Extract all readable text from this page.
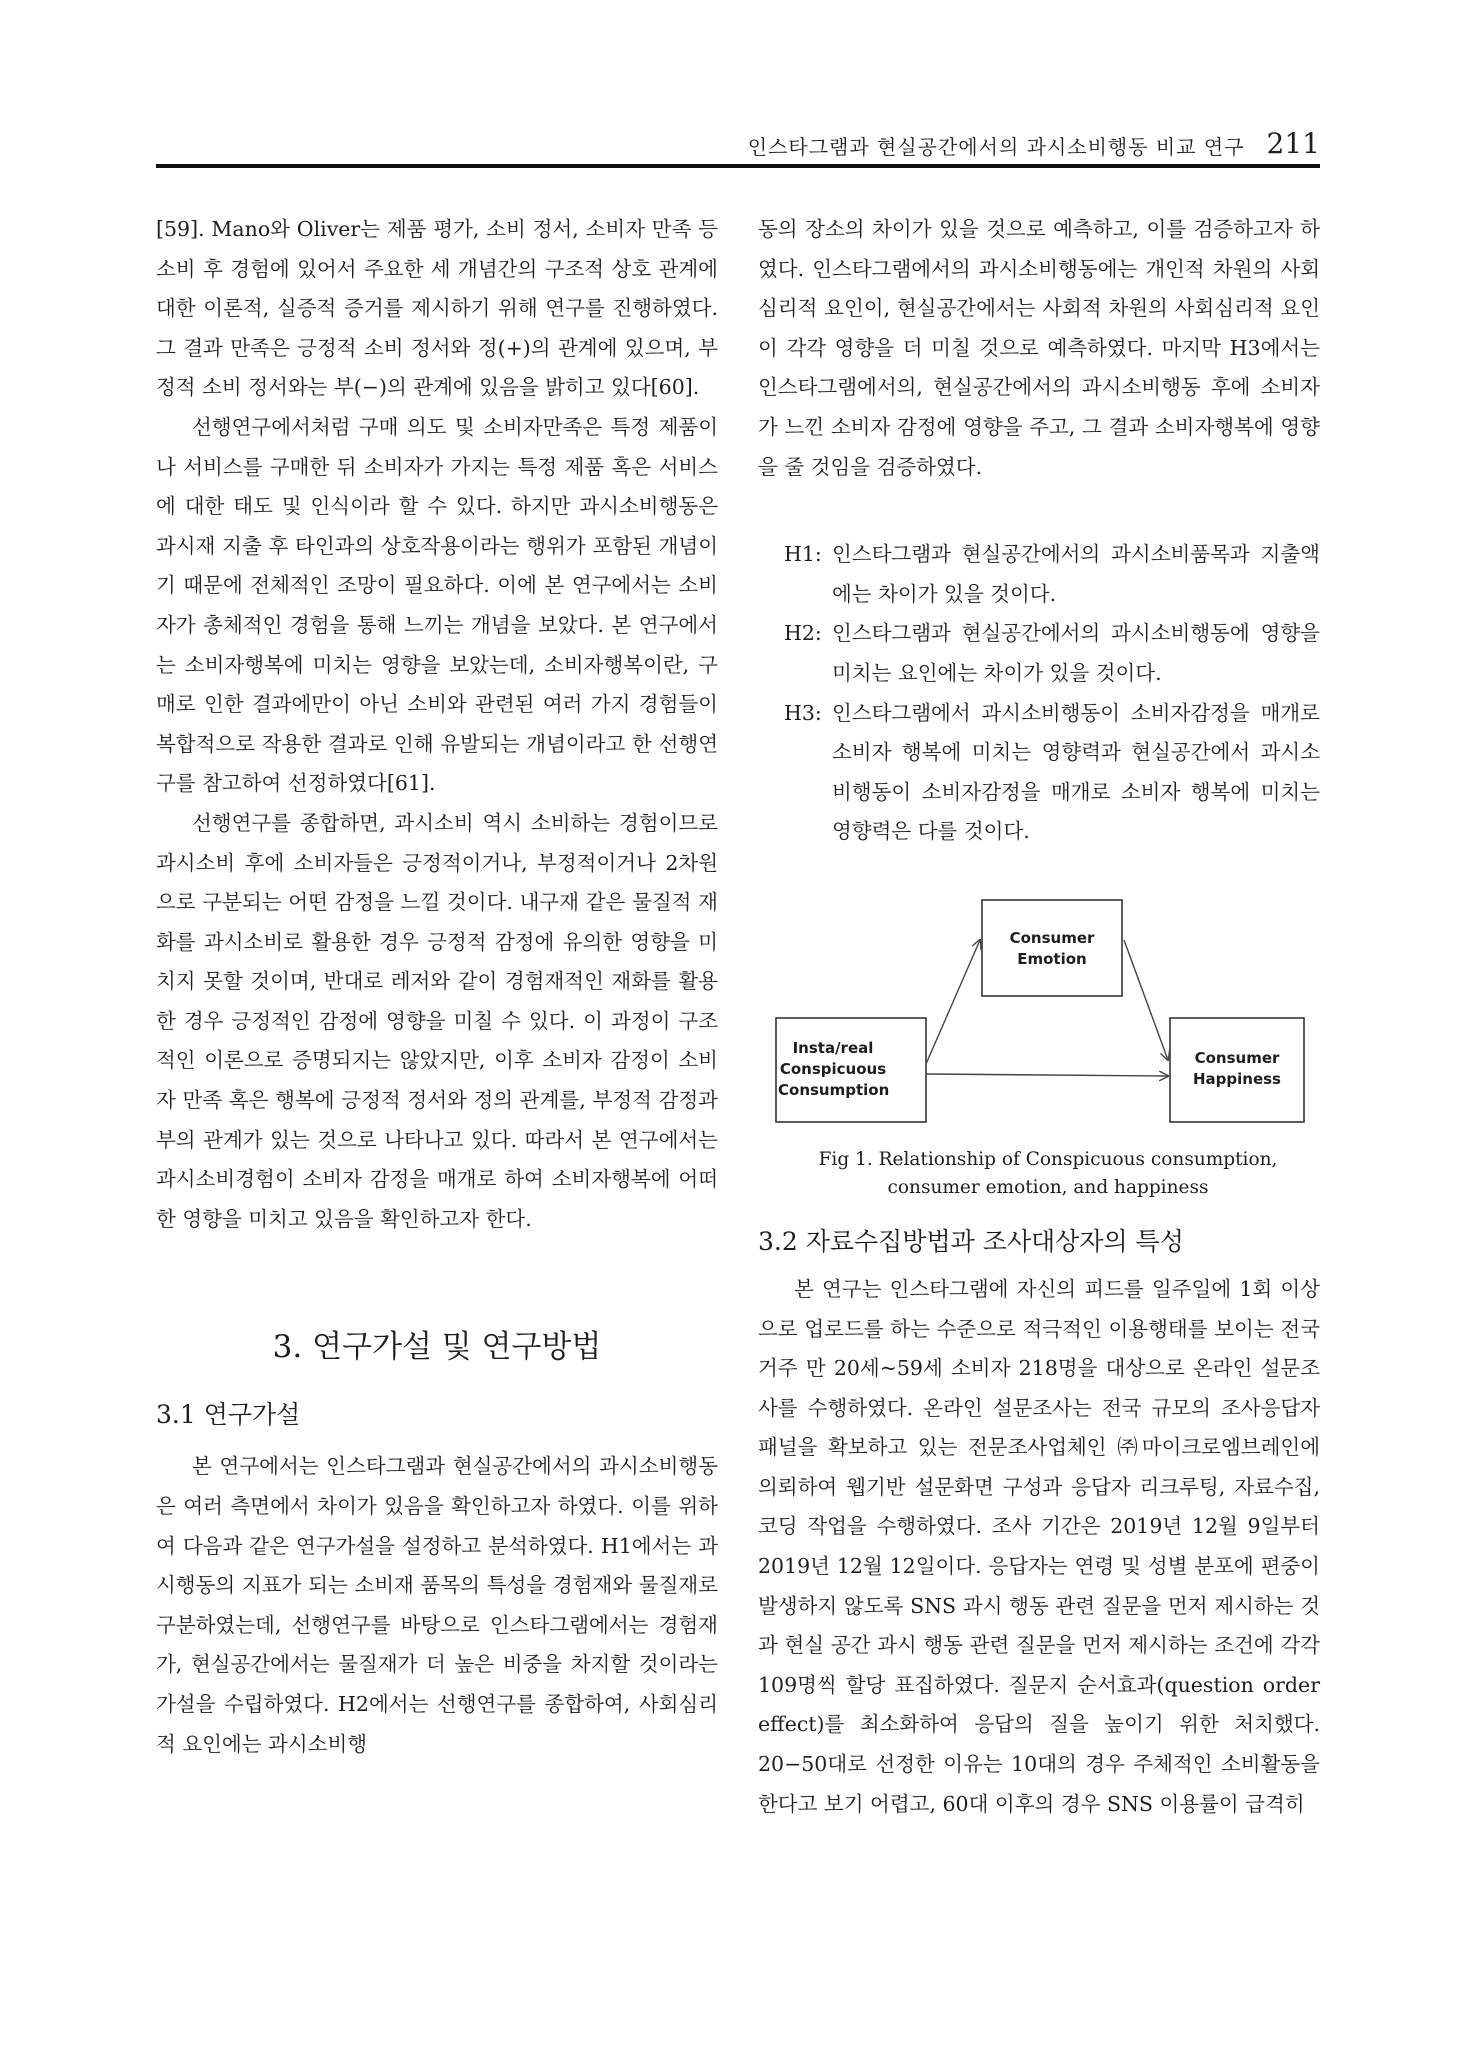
인스타그램과 현실공간에서의 과시소비행동 비교 연구 211

[59]. Mano와 Oliver는 제품 평가, 소비 정서, 소비자 만족 등 소비 후 경험에 있어서 주요한 세 개념간의 구조적 상호 관계에 대한 이론적, 실증적 증거를 제시하기 위해 연구를 진행하였다. 그 결과 만족은 긍정적 소비 정서와 정(+)의 관계에 있으며, 부정적 소비 정서와는 부(−)의 관계에 있음을 밝히고 있다[60].

선행연구에서처럼 구매 의도 및 소비자만족은 특정 제품이나 서비스를 구매한 뒤 소비자가 가지는 특정 제품 혹은 서비스에 대한 태도 및 인식이라 할 수 있다. 하지만 과시소비행동은 과시재 지출 후 타인과의 상호작용이라는 행위가 포함된 개념이기 때문에 전체적인 조망이 필요하다. 이에 본 연구에서는 소비자가 총체적인 경험을 통해 느끼는 개념을 보았다. 본 연구에서는 소비자행복에 미치는 영향을 보았는데, 소비자행복이란, 구매로 인한 결과에만이 아닌 소비와 관련된 여러 가지 경험들이 복합적으로 작용한 결과로 인해 유발되는 개념이라고 한 선행연구를 참고하여 선정하였다[61].

선행연구를 종합하면, 과시소비 역시 소비하는 경험이므로 과시소비 후에 소비자들은 긍정적이거나, 부정적이거나 2차원으로 구분되는 어떤 감정을 느낄 것이다. 내구재 같은 물질적 재화를 과시소비로 활용한 경우 긍정적 감정에 유의한 영향을 미치지 못할 것이며, 반대로 레저와 같이 경험재적인 재화를 활용한 경우 긍정적인 감정에 영향을 미칠 수 있다. 이 과정이 구조적인 이론으로 증명되지는 않았지만, 이후 소비자 감정이 소비자 만족 혹은 행복에 긍정적 정서와 정의 관계를, 부정적 감정과 부의 관계가 있는 것으로 나타나고 있다. 따라서 본 연구에서는 과시소비경험이 소비자 감정을 매개로 하여 소비자행복에 어떠한 영향을 미치고 있음을 확인하고자 한다.

3. 연구가설 및 연구방법
3.1 연구가설

본 연구에서는 인스타그램과 현실공간에서의 과시소비행동은 여러 측면에서 차이가 있음을 확인하고자 하였다. 이를 위하여 다음과 같은 연구가설을 설정하고 분석하였다. H1에서는 과시행동의 지표가 되는 소비재 품목의 특성을 경험재와 물질재로 구분하였는데, 선행연구를 바탕으로 인스타그램에서는 경험재가, 현실공간에서는 물질재가 더 높은 비중을 차지할 것이라는 가설을 수립하였다. H2에서는 선행연구를 종합하여, 사회심리적 요인에는 과시소비행

동의 장소의 차이가 있을 것으로 예측하고, 이를 검증하고자 하였다. 인스타그램에서의 과시소비행동에는 개인적 차원의 사회심리적 요인이, 현실공간에서는 사회적 차원의 사회심리적 요인이 각각 영향을 더 미칠 것으로 예측하였다. 마지막 H3에서는 인스타그램에서의, 현실공간에서의 과시소비행동 후에 소비자가 느낀 소비자 감정에 영향을 주고, 그 결과 소비자행복에 영향을 줄 것임을 검증하였다.

H1: 인스타그램과 현실공간에서의 과시소비품목과 지출액에는 차이가 있을 것이다.
H2: 인스타그램과 현실공간에서의 과시소비행동에 영향을 미치는 요인에는 차이가 있을 것이다.
H3: 인스타그램에서 과시소비행동이 소비자감정을 매개로 소비자 행복에 미치는 영향력과 현실공간에서 과시소비행동이 소비자감정을 매개로 소비자 행복에 미치는 영향력은 다를 것이다.
Consumer Emotion
Insta/real Conspicuous Consumption
Consumer Happiness
Fig 1. Relationship of Conspicuous consumption,
consumer emotion, and happiness
3.2 자료수집방법과 조사대상자의 특성

본 연구는 인스타그램에 자신의 피드를 일주일에 1회 이상으로 업로드를 하는 수준으로 적극적인 이용행태를 보이는 전국 거주 만 20세~59세 소비자 218명을 대상으로 온라인 설문조사를 수행하였다. 온라인 설문조사는 전국 규모의 조사응답자 패널을 확보하고 있는 전문조사업체인 ㈜마이크로엠브레인에 의뢰하여 웹기반 설문화면 구성과 응답자 리크루팅, 자료수집, 코딩 작업을 수행하였다. 조사 기간은 2019년 12월 9일부터 2019년 12월 12일이다. 응답자는 연령 및 성별 분포에 편중이 발생하지 않도록 SNS 과시 행동 관련 질문을 먼저 제시하는 것과 현실 공간 과시 행동 관련 질문을 먼저 제시하는 조건에 각각 109명씩 할당 표집하였다. 질문지 순서효과(question order effect)를 최소화하여 응답의 질을 높이기 위한 처치했다. 20−50대로 선정한 이유는 10대의 경우 주체적인 소비활동을 한다고 보기 어렵고, 60대 이후의 경우 SNS 이용률이 급격히
